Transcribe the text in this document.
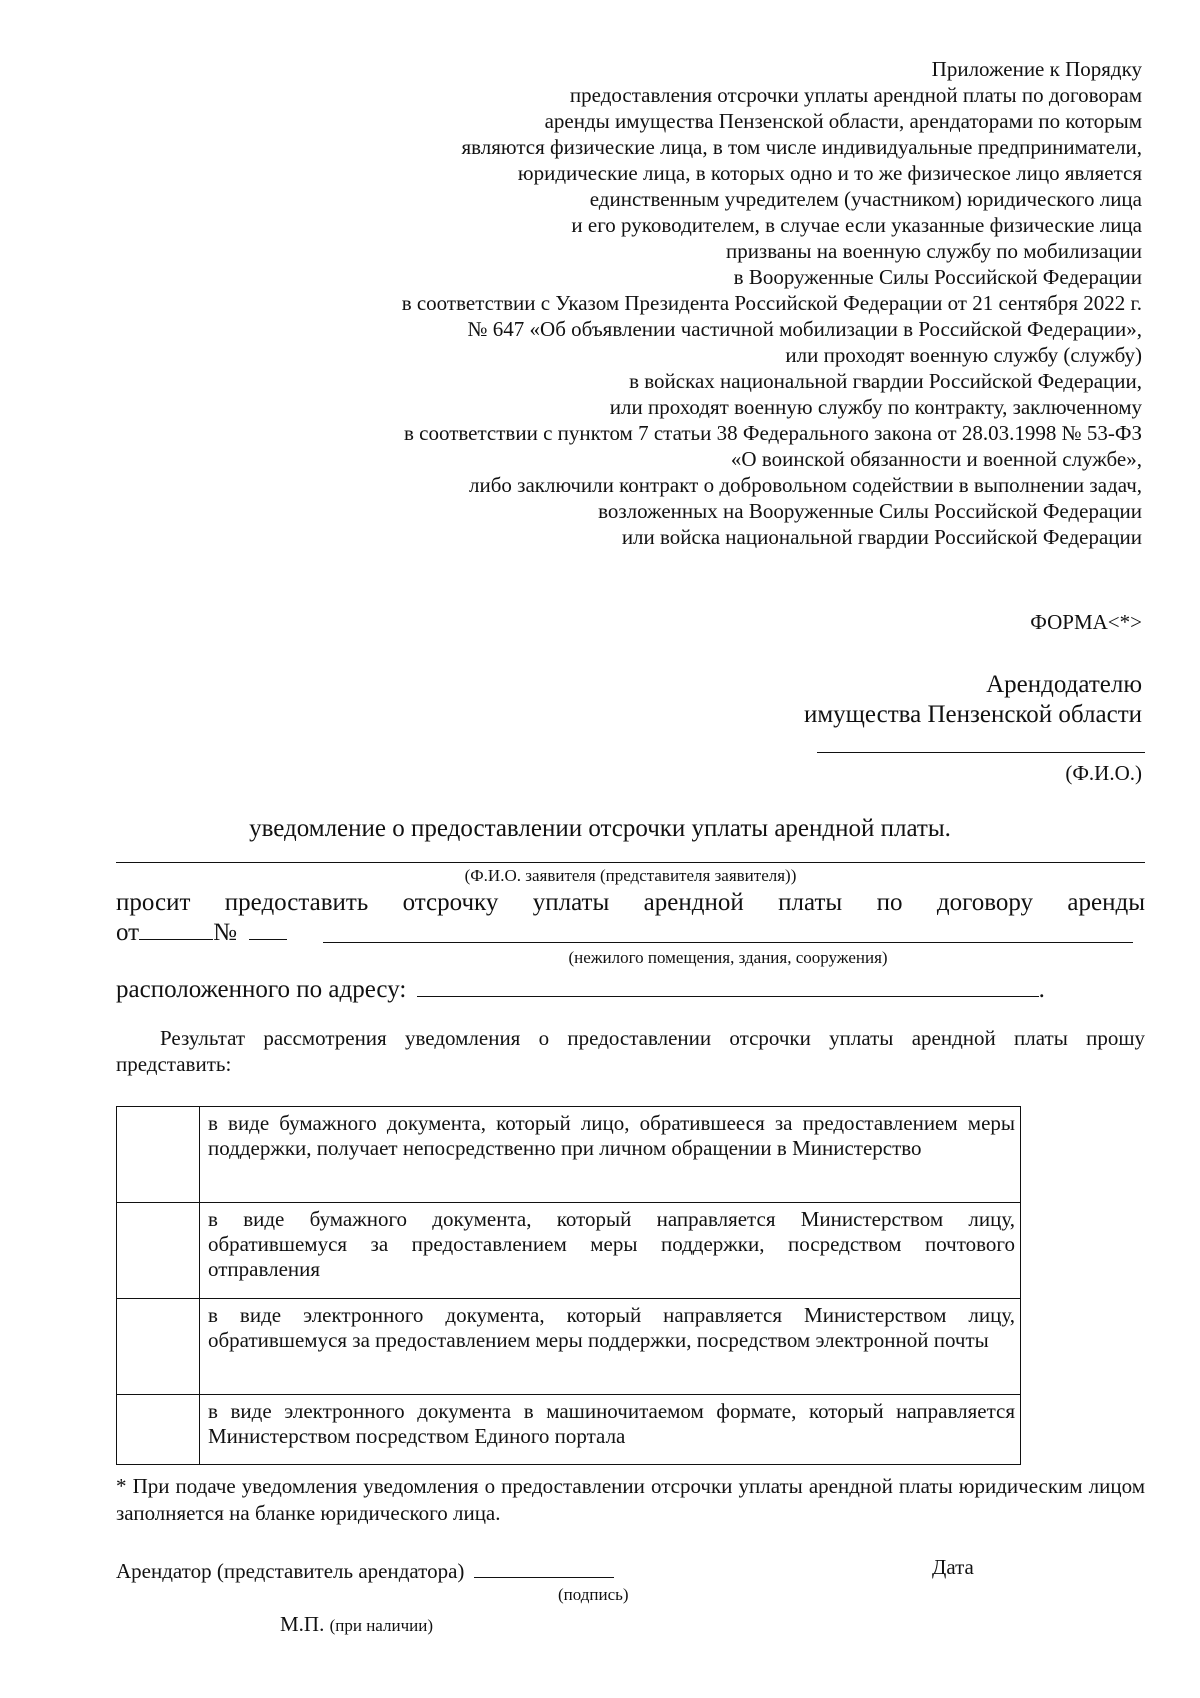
Приложение к Порядку
предоставления отсрочки уплаты арендной платы по договорам
аренды имущества Пензенской области, арендаторами по которым
являются физические лица, в том числе индивидуальные предприниматели,
юридические лица, в которых одно и то же физическое лицо является
единственным учредителем (участником) юридического лица
и его руководителем, в случае если указанные физические лица
призваны на военную службу по мобилизации
в Вооруженные Силы Российской Федерации
в соответствии с Указом Президента Российской Федерации от 21 сентября 2022 г.
№ 647 «Об объявлении частичной мобилизации в Российской Федерации»,
или проходят военную службу (службу)
в войсках национальной гвардии Российской Федерации,
или проходят военную службу по контракту, заключенному
в соответствии с пунктом 7 статьи 38 Федерального закона от 28.03.1998 № 53-ФЗ
«О воинской обязанности и военной службе»,
либо заключили контракт о добровольном содействии в выполнении задач,
возложенных на Вооруженные Силы Российской Федерации
или войска национальной гвардии Российской Федерации
ФОРМА<*>
Арендодателю
имущества Пензенской области
(Ф.И.О.)
уведомление о предоставлении отсрочки уплаты арендной платы.
(Ф.И.О. заявителя (представителя заявителя))
просит предоставить отсрочку уплаты арендной платы по договору аренды
от	№
(нежилого помещения, здания, сооружения)
расположенного по адресу:	.
Результат рассмотрения уведомления о предоставлении отсрочки уплаты арендной платы прошу представить:
	в виде бумажного документа, который лицо, обратившееся за предоставлением меры поддержки, получает непосредственно при личном обращении в Министерство
	в виде бумажного документа, который направляется Министерством лицу, обратившемуся за предоставлением меры поддержки, посредством почтового отправления
	в виде электронного документа, который направляется Министерством лицу, обратившемуся за предоставлением меры поддержки, посредством электронной почты
	в виде электронного документа в машиночитаемом формате, который направляется Министерством посредством Единого портала
* При подаче уведомления уведомления о предоставлении отсрочки уплаты арендной платы юридическим лицом заполняется на бланке юридического лица.
Арендатор (представитель арендатора)	Дата
(подпись)
М.П. (при наличии)
